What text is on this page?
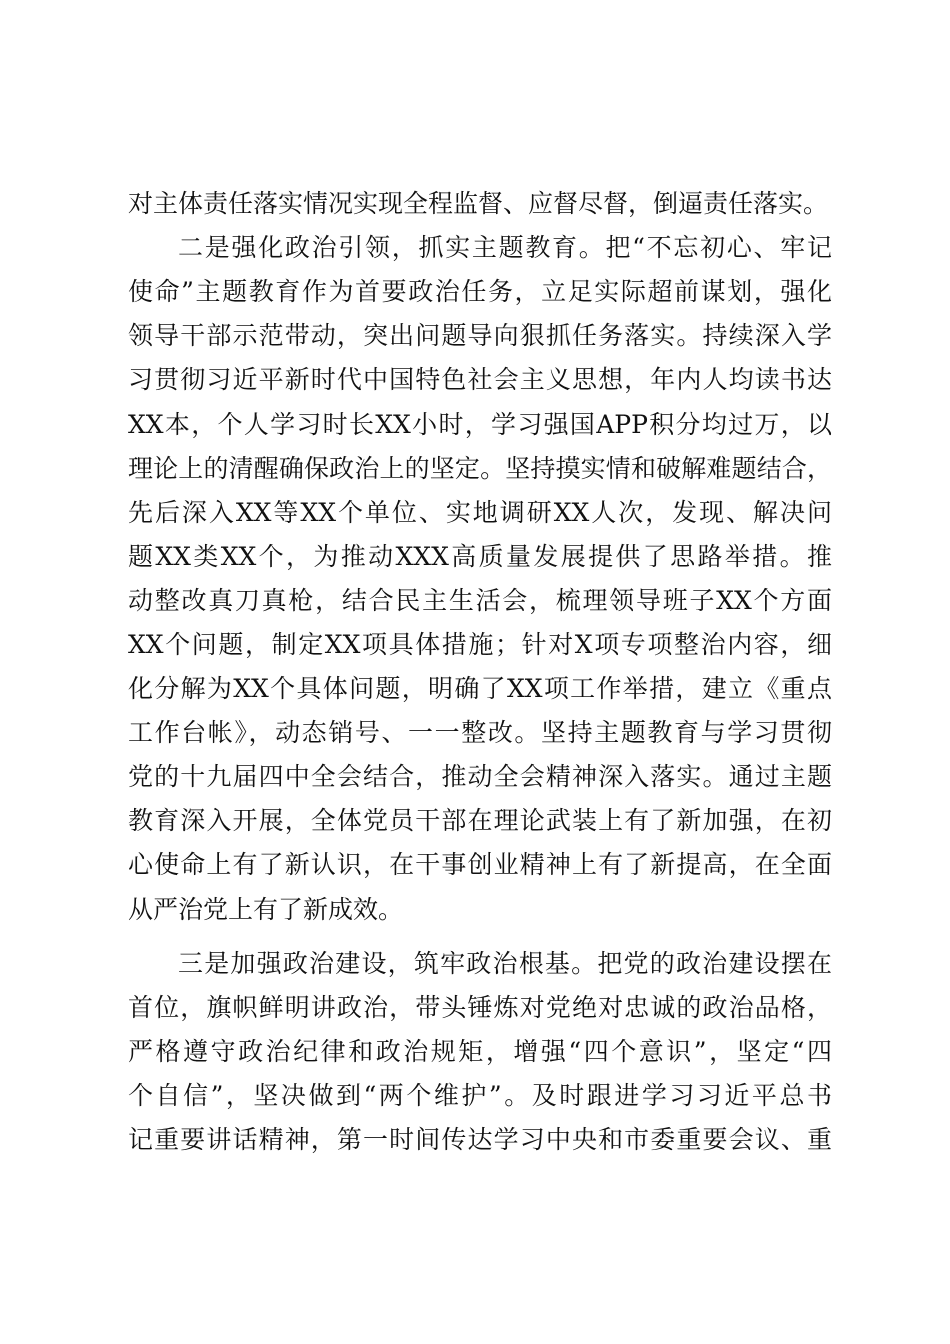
对主体责任落实情况实现全程监督、应督尽督，倒逼责任落实。
二是强化政治引领，抓实主题教育。把“不忘初心、牢记
使命”主题教育作为首要政治任务，立足实际超前谋划，强化
领导干部示范带动，突出问题导向狠抓任务落实。持续深入学
习贯彻习近平新时代中国特色社会主义思想，年内人均读书达
XX本，个人学习时长XX小时，学习强国APP积分均过万，以
理论上的清醒确保政治上的坚定。坚持摸实情和破解难题结合，
先后深入XX等XX个单位、实地调研XX人次，发现、解决问
题XX类XX个，为推动XXX高质量发展提供了思路举措。推
动整改真刀真枪，结合民主生活会，梳理领导班子XX个方面
XX个问题，制定XX项具体措施；针对X项专项整治内容，细
化分解为XX个具体问题，明确了XX项工作举措，建立《重点
工作台帐》，动态销号、一一整改。坚持主题教育与学习贯彻
党的十九届四中全会结合，推动全会精神深入落实。通过主题
教育深入开展，全体党员干部在理论武装上有了新加强，在初
心使命上有了新认识，在干事创业精神上有了新提高，在全面
从严治党上有了新成效。
三是加强政治建设，筑牢政治根基。把党的政治建设摆在
首位，旗帜鲜明讲政治，带头锤炼对党绝对忠诚的政治品格，
严格遵守政治纪律和政治规矩，增强“四个意识”，坚定“四
个自信”，坚决做到“两个维护”。及时跟进学习习近平总书
记重要讲话精神，第一时间传达学习中央和市委重要会议、重
